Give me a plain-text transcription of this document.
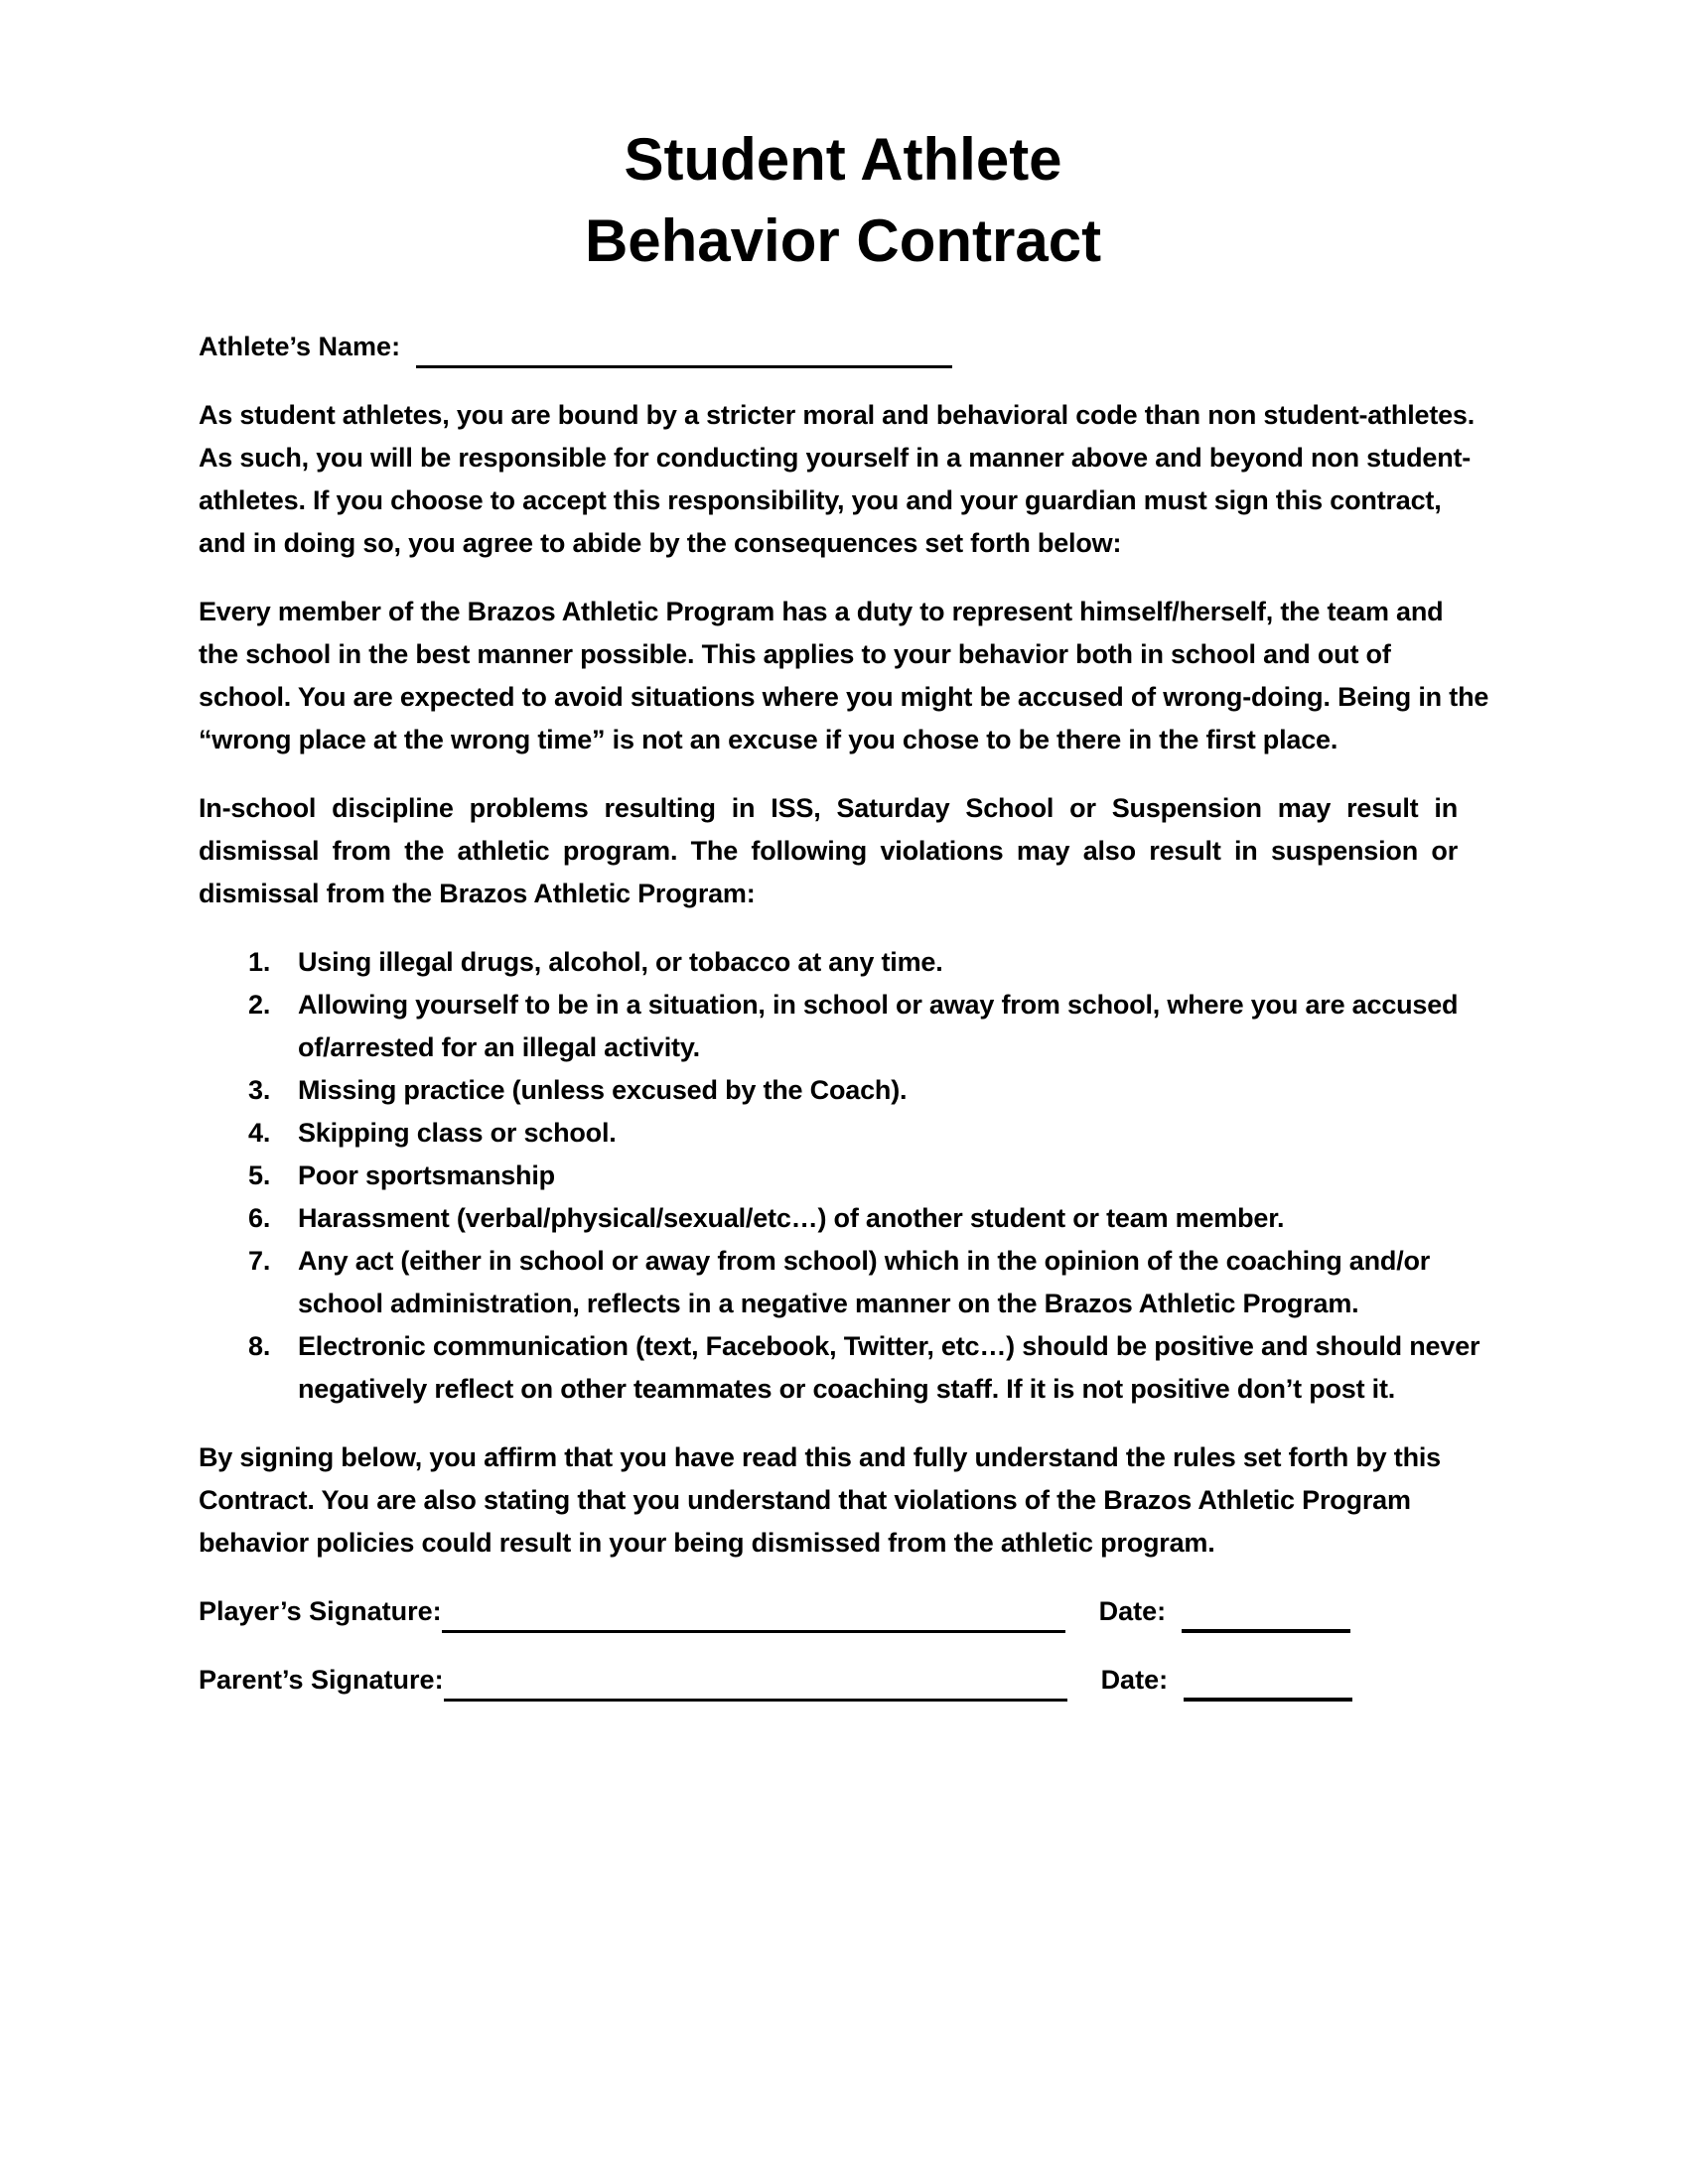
Student Athlete
Behavior Contract
Athlete’s Name:

As student athletes, you are bound by a stricter moral and behavioral code than non student-athletes. As such, you will be responsible for conducting yourself in a manner above and beyond non student-athletes. If you choose to accept this responsibility, you and your guardian must sign this contract, and in doing so, you agree to abide by the consequences set forth below:

Every member of the Brazos Athletic Program has a duty to represent himself/herself, the team and the school in the best manner possible. This applies to your behavior both in school and out of school. You are expected to avoid situations where you might be accused of wrong-doing. Being in the “wrong place at the wrong time” is not an excuse if you chose to be there in the first place.

In-school discipline problems resulting in ISS, Saturday School or Suspension may result in dismissal from the athletic program. The following violations may also result in suspension or dismissal from the Brazos Athletic Program:

1.	Using illegal drugs, alcohol, or tobacco at any time.
2.	Allowing yourself to be in a situation, in school or away from school, where you are accused of/arrested for an illegal activity.
3.	Missing practice (unless excused by the Coach).
4.	Skipping class or school.
5.	Poor sportsmanship
6.	Harassment (verbal/physical/sexual/etc…) of another student or team member.
7.	Any act (either in school or away from school) which in the opinion of the coaching and/or school administration, reflects in a negative manner on the Brazos Athletic Program.
8.	Electronic communication (text, Facebook, Twitter, etc…) should be positive and should never negatively reflect on other teammates or coaching staff. If it is not positive don’t post it.

By signing below, you affirm that you have read this and fully understand the rules set forth by this Contract. You are also stating that you understand that violations of the Brazos Athletic Program behavior policies could result in your being dismissed from the athletic program.

Player’s Signature:	Date:
Parent’s Signature:	Date:
